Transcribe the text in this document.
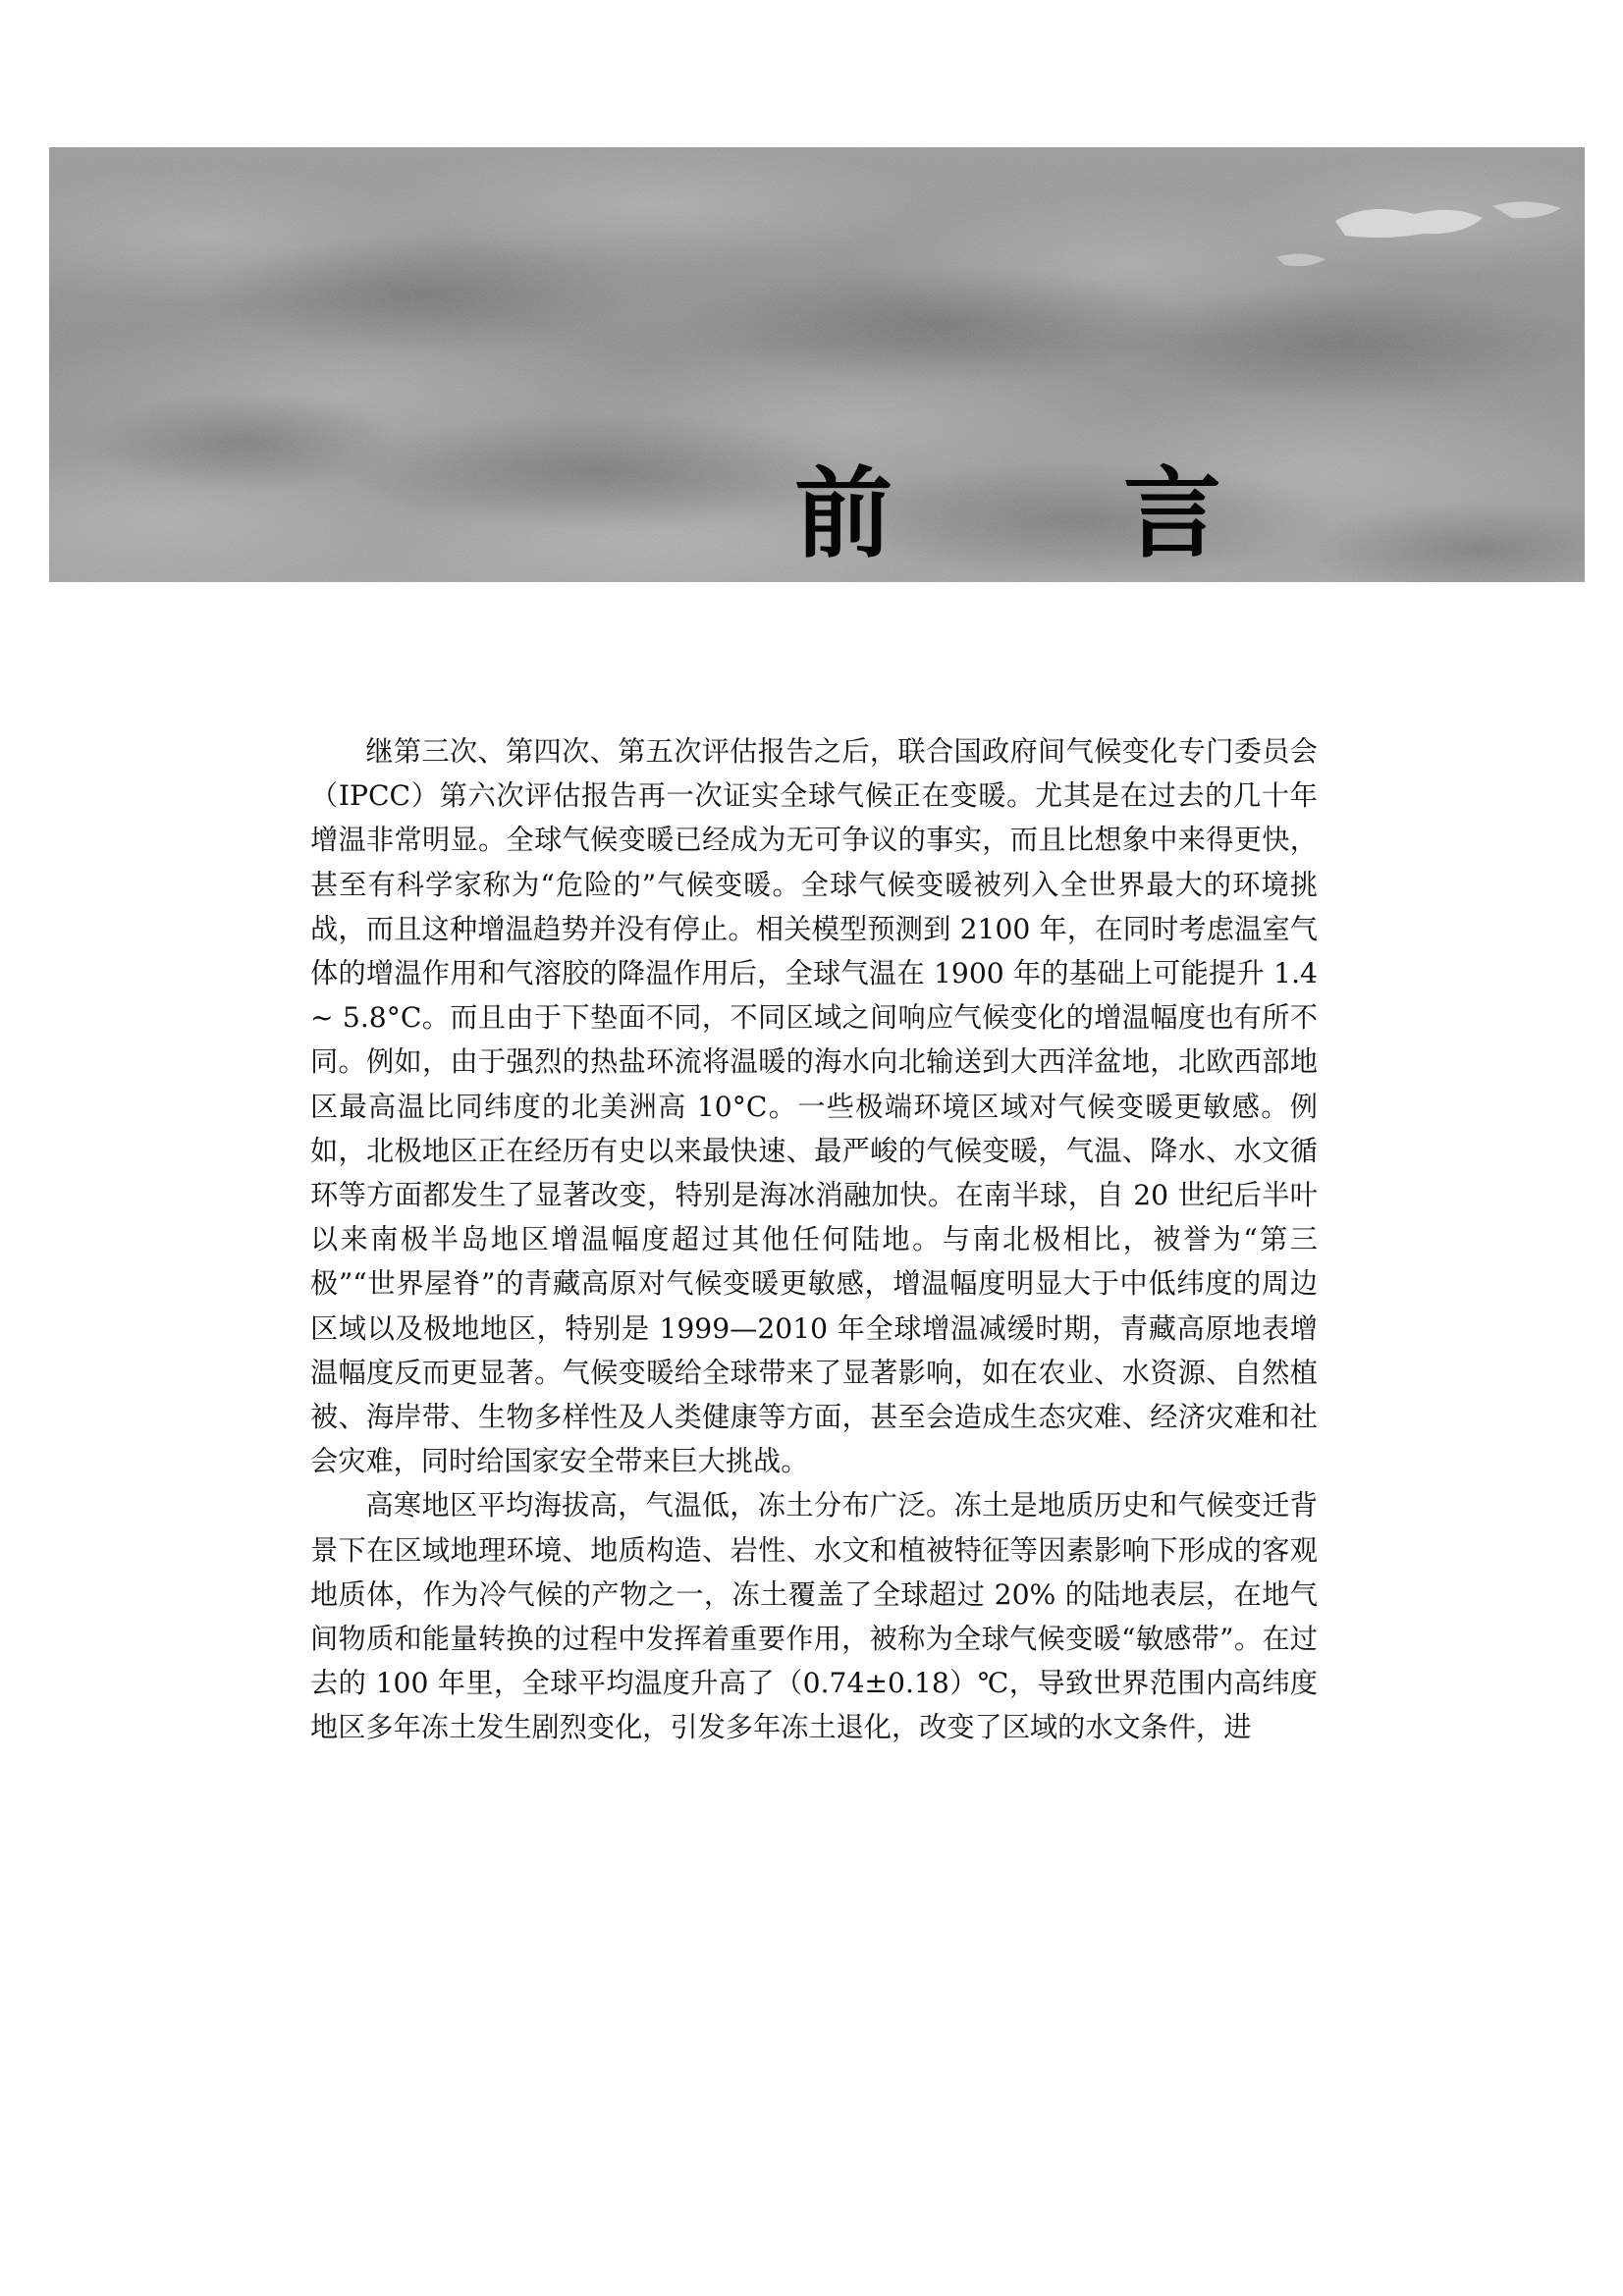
前 言

继第三次、第四次、第五次评估报告之后，联合国政府间气候变化专门委员会（IPCC）第六次评估报告再一次证实全球气候正在变暖。尤其是在过去的几十年增温非常明显。全球气候变暖已经成为无可争议的事实，而且比想象中来得更快，甚至有科学家称为“危险的”气候变暖。全球气候变暖被列入全世界最大的环境挑战，而且这种增温趋势并没有停止。相关模型预测到 2100 年，在同时考虑温室气体的增温作用和气溶胶的降温作用后，全球气温在 1900 年的基础上可能提升 1.4 ~ 5.8°C。而且由于下垫面不同，不同区域之间响应气候变化的增温幅度也有所不同。例如，由于强烈的热盐环流将温暖的海水向北输送到大西洋盆地，北欧西部地区最高温比同纬度的北美洲高 10°C。一些极端环境区域对气候变暖更敏感。例如，北极地区正在经历有史以来最快速、最严峻的气候变暖，气温、降水、水文循环等方面都发生了显著改变，特别是海冰消融加快。在南半球，自 20 世纪后半叶以来南极半岛地区增温幅度超过其他任何陆地。与南北极相比，被誉为“第三极”“世界屋脊”的青藏高原对气候变暖更敏感，增温幅度明显大于中低纬度的周边区域以及极地地区，特别是 1999—2010 年全球增温减缓时期，青藏高原地表增温幅度反而更显著。气候变暖给全球带来了显著影响，如在农业、水资源、自然植被、海岸带、生物多样性及人类健康等方面，甚至会造成生态灾难、经济灾难和社会灾难，同时给国家安全带来巨大挑战。

高寒地区平均海拔高，气温低，冻土分布广泛。冻土是地质历史和气候变迁背景下在区域地理环境、地质构造、岩性、水文和植被特征等因素影响下形成的客观地质体，作为冷气候的产物之一，冻土覆盖了全球超过 20% 的陆地表层，在地气间物质和能量转换的过程中发挥着重要作用，被称为全球气候变暖“敏感带”。在过去的 100 年里，全球平均温度升高了（0.74±0.18）℃，导致世界范围内高纬度地区多年冻土发生剧烈变化，引发多年冻土退化，改变了区域的水文条件，进
